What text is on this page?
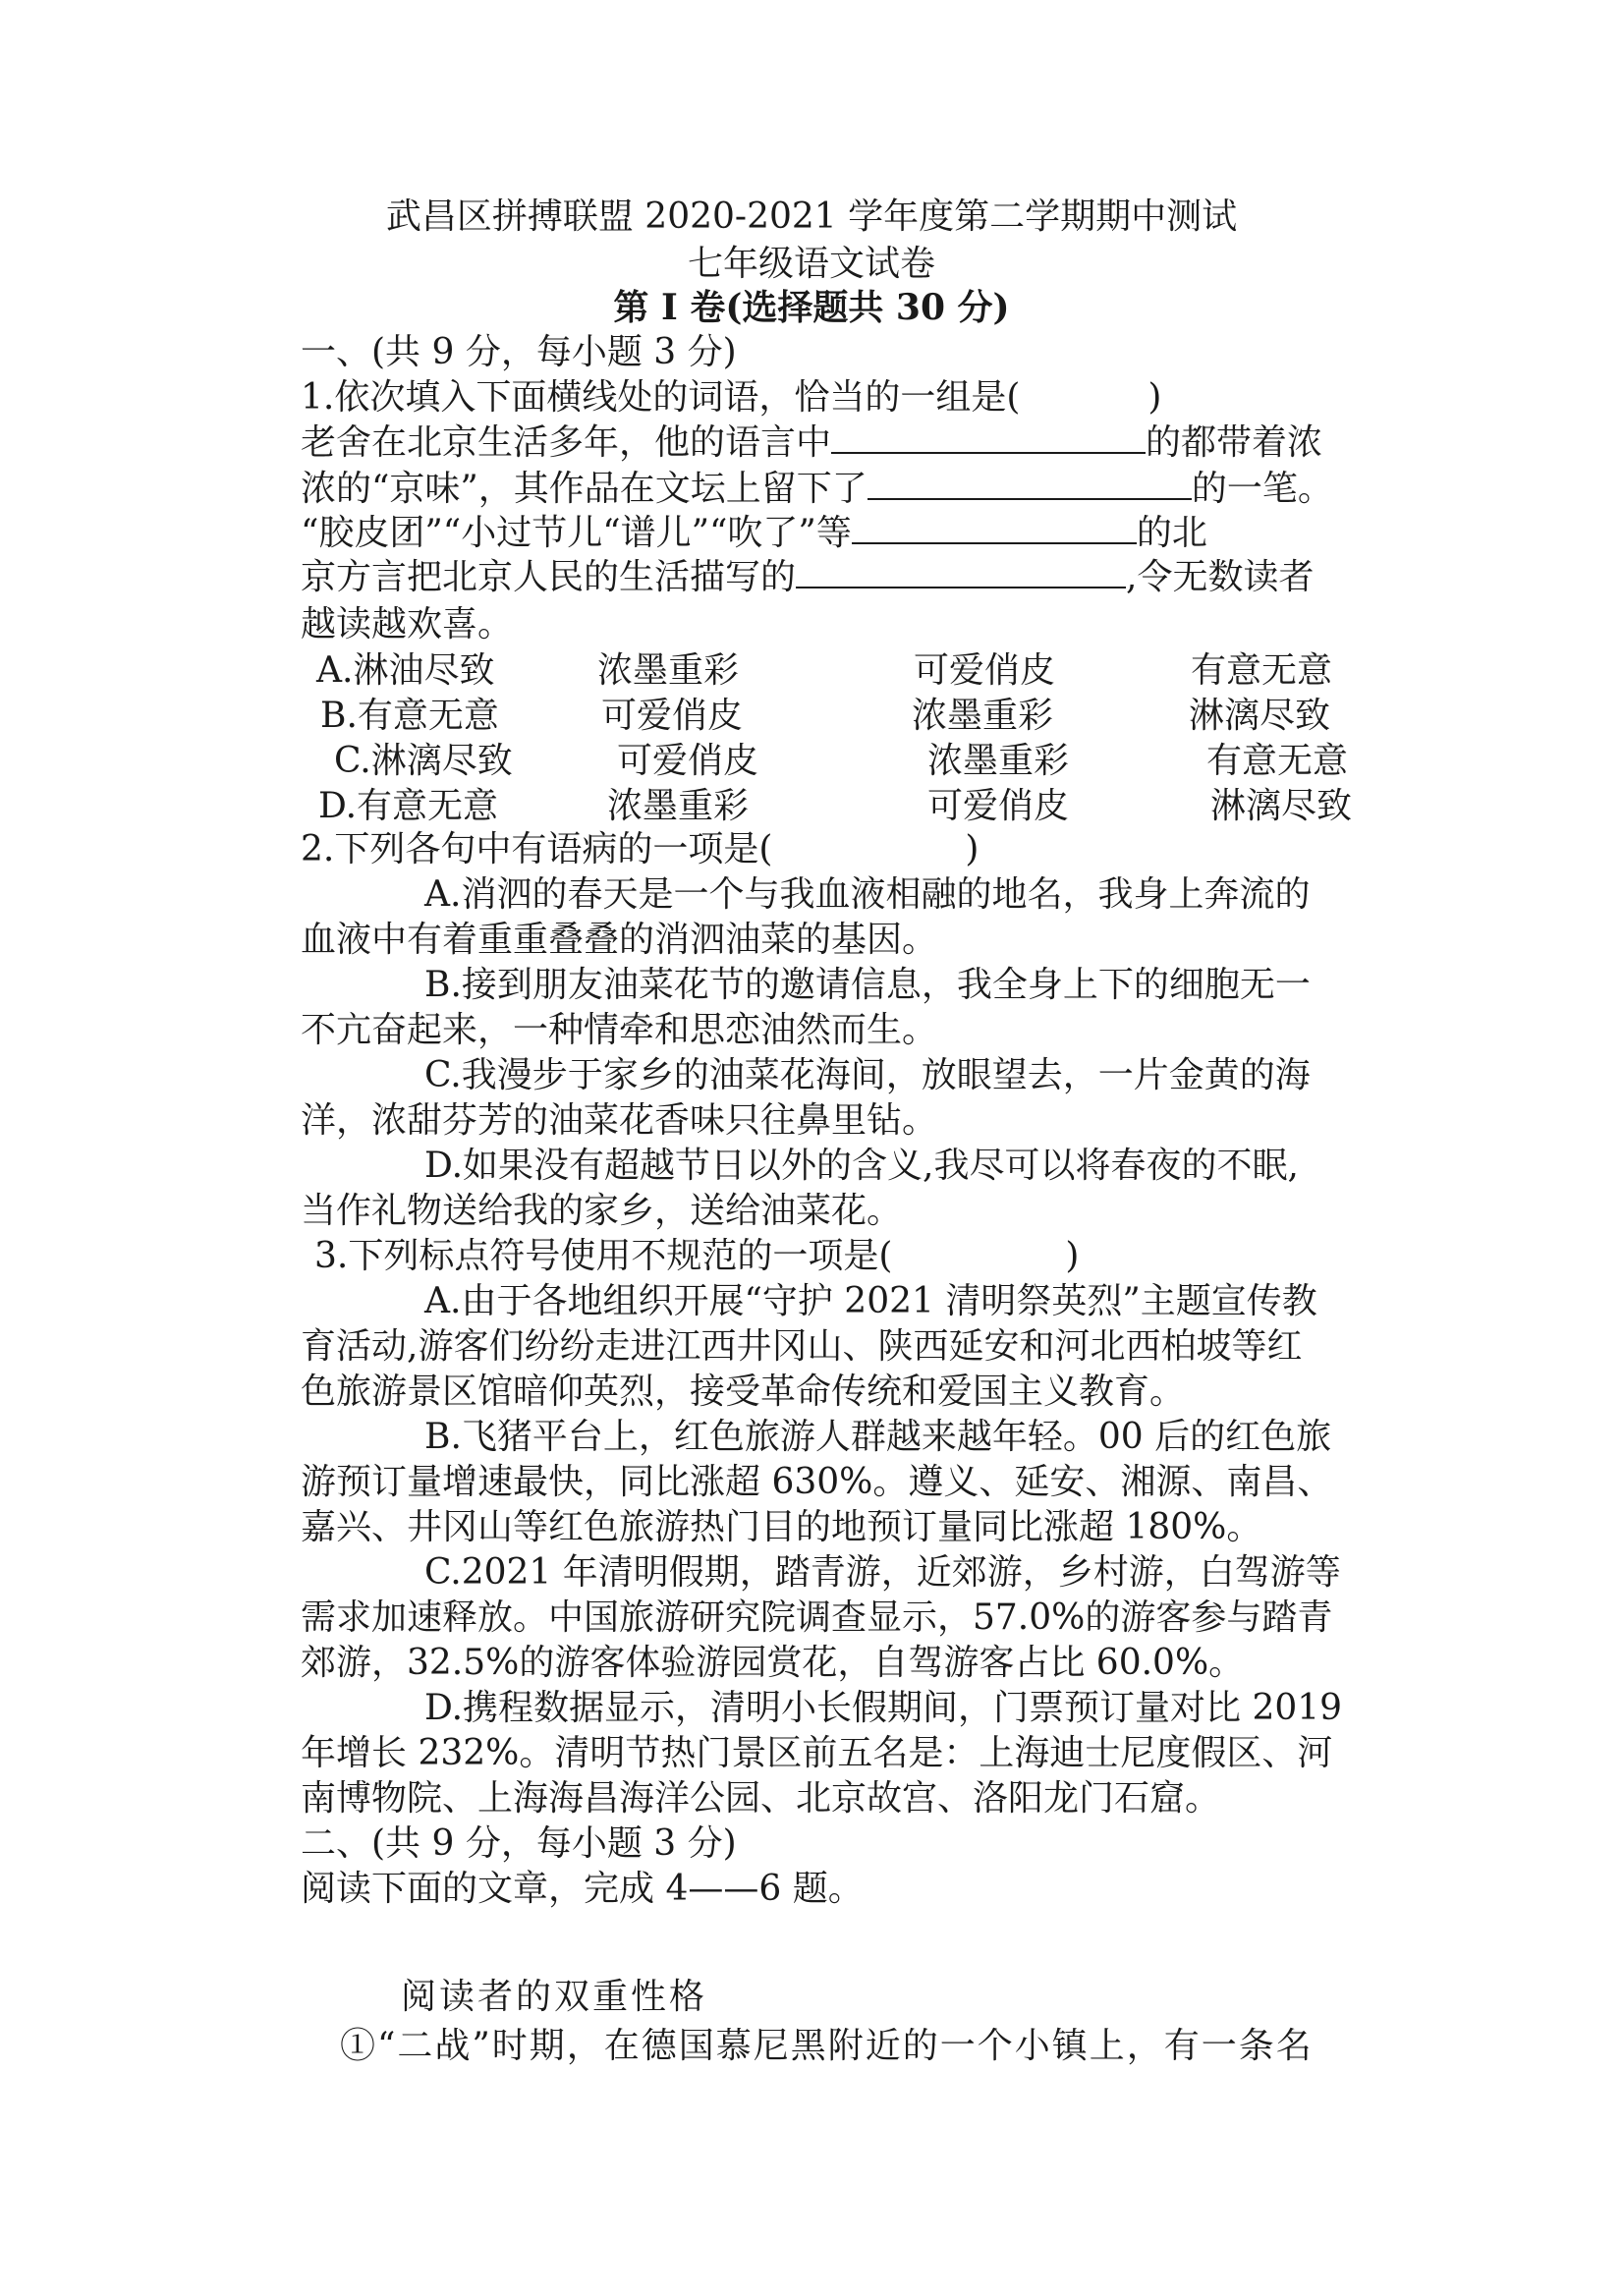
武昌区拼搏联盟 2020-2021 学年度第二学期期中测试
七年级语文试卷
第 I 卷(选择题共 30 分)
一、(共 9 分，每小题 3 分)
1.依次填入下面横线处的词语，恰当的一组是(	)
老舍在北京生活多年，他的语言中	的都带着浓
浓的“京味”，其作品在文坛上留下了	的一笔。
“胶皮团”“小过节儿“谱儿”“吹了”等	的北
京方言把北京人民的生活描写的	,令无数读者
越读越欢喜。
A.淋油尽致	浓墨重彩	可爱俏皮	有意无意
B.有意无意	可爱俏皮	浓墨重彩	淋漓尽致
C.淋漓尽致	可爱俏皮	浓墨重彩	有意无意
D.有意无意	浓墨重彩	可爱俏皮	淋漓尽致
2.下列各句中有语病的一项是(	)
A.消泗的春天是一个与我血液相融的地名，我身上奔流的
血液中有着重重叠叠的消泗油菜的基因。
B.接到朋友油菜花节的邀请信息，我全身上下的细胞无一
不亢奋起来，一种情牵和思恋油然而生。
C.我漫步于家乡的油菜花海间，放眼望去，一片金黄的海
洋，浓甜芬芳的油菜花香味只往鼻里钻。
D.如果没有超越节日以外的含义,我尽可以将春夜的不眠,
当作礼物送给我的家乡，送给油菜花。
3.下列标点符号使用不规范的一项是(	)
A.由于各地组织开展“守护 2021 清明祭英烈”主题宣传教
育活动,游客们纷纷走进江西井冈山、陕西延安和河北西柏坡等红
色旅游景区馆暗仰英烈，接受革命传统和爱国主义教育。
B.飞猪平台上，红色旅游人群越来越年轻。00 后的红色旅
游预订量增速最快，同比涨超 630%。遵义、延安、湘源、南昌、
嘉兴、井冈山等红色旅游热门目的地预订量同比涨超 180%。
C.2021 年清明假期，踏青游，近郊游，乡村游，白驾游等
需求加速释放。中国旅游研究院调查显示，57.0%的游客参与踏青
郊游，32.5%的游客体验游园赏花，自驾游客占比 60.0%。
D.携程数据显示，清明小长假期间，门票预订量对比 2019
年增长 232%。清明节热门景区前五名是：上海迪士尼度假区、河
南博物院、上海海昌海洋公园、北京故宫、洛阳龙门石窟。
二、(共 9 分，每小题 3 分)
阅读下面的文章，完成 4——6 题。
阅读者的双重性格
①“二战”时期，在德国慕尼黑附近的一个小镇上，有一条名
